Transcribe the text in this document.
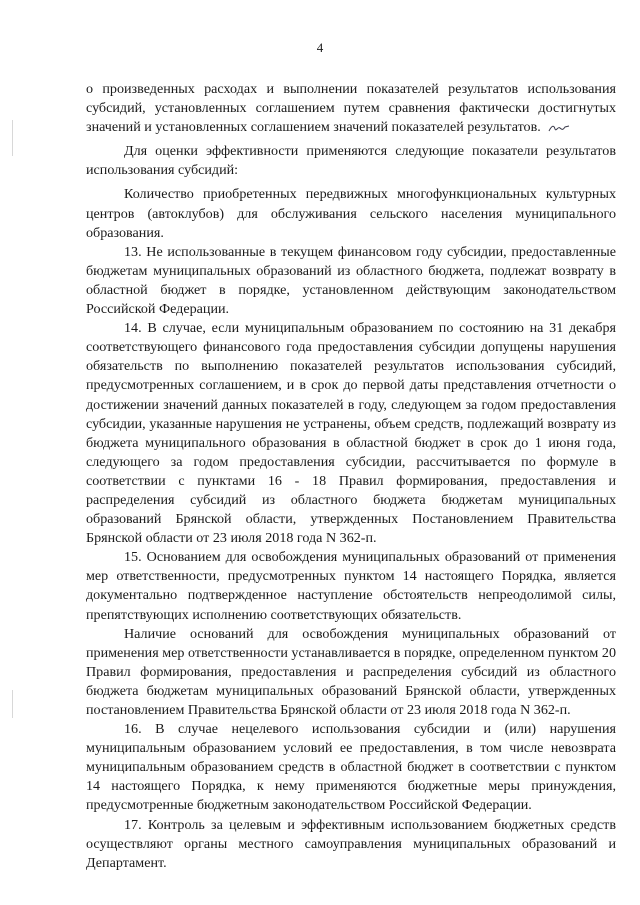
4

о произведенных расходах и выполнении показателей результатов использования субсидий, установленных соглашением путем сравнения фактически достигнутых значений и установленных соглашением значений показателей результатов.

Для оценки эффективности применяются следующие показатели результатов использования субсидий:

Количество приобретенных передвижных многофункциональных культурных центров (автоклубов) для обслуживания сельского населения муниципального образования.

13. Не использованные в текущем финансовом году субсидии, предоставленные бюджетам муниципальных образований из областного бюджета, подлежат возврату в областной бюджет в порядке, установленном действующим законодательством Российской Федерации.

14. В случае, если муниципальным образованием по состоянию на 31 декабря соответствующего финансового года предоставления субсидии допущены нарушения обязательств по выполнению показателей результатов использования субсидий, предусмотренных соглашением, и в срок до первой даты представления отчетности о достижении значений данных показателей в году, следующем за годом предоставления субсидии, указанные нарушения не устранены, объем средств, подлежащий возврату из бюджета муниципального образования в областной бюджет в срок до 1 июня года, следующего за годом предоставления субсидии, рассчитывается по формуле в соответствии с пунктами 16 - 18 Правил формирования, предоставления и распределения субсидий из областного бюджета бюджетам муниципальных образований Брянской области, утвержденных Постановлением Правительства Брянской области от 23 июля 2018 года N 362-п.

15. Основанием для освобождения муниципальных образований от применения мер ответственности, предусмотренных пунктом 14 настоящего Порядка, является документально подтвержденное наступление обстоятельств непреодолимой силы, препятствующих исполнению соответствующих обязательств.

Наличие оснований для освобождения муниципальных образований от применения мер ответственности устанавливается в порядке, определенном пунктом 20 Правил формирования, предоставления и распределения субсидий из областного бюджета бюджетам муниципальных образований Брянской области, утвержденных постановлением Правительства Брянской области от 23 июля 2018 года N 362-п.

16. В случае нецелевого использования субсидии и (или) нарушения муниципальным образованием условий ее предоставления, в том числе невозврата муниципальным образованием средств в областной бюджет в соответствии с пунктом 14 настоящего Порядка, к нему применяются бюджетные меры принуждения, предусмотренные бюджетным законодательством Российской Федерации.

17. Контроль за целевым и эффективным использованием бюджетных средств осуществляют органы местного самоуправления муниципальных образований и Департамент.
